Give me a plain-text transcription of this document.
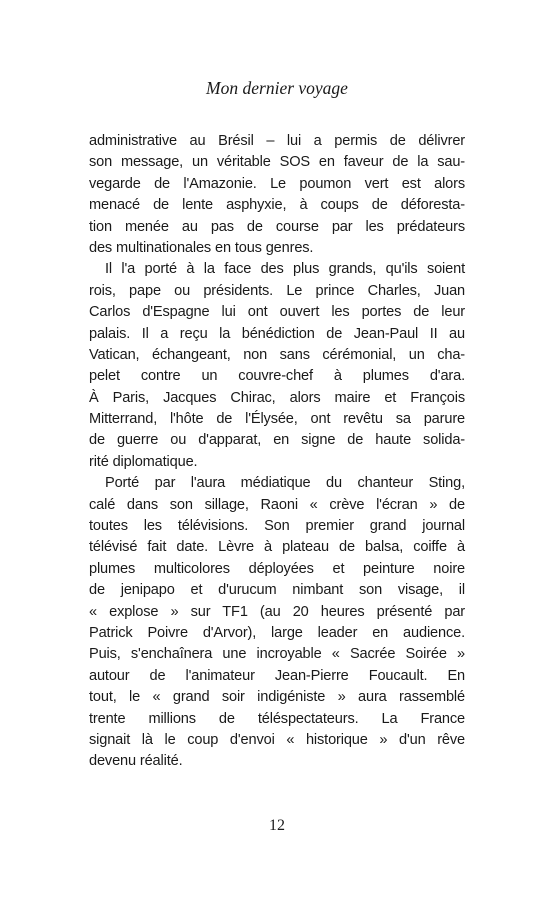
Mon dernier voyage

administrative au Brésil – lui a permis de délivrer
son message, un véritable SOS en faveur de la sau-
vegarde de l'Amazonie. Le poumon vert est alors
menacé de lente asphyxie, à coups de déforesta-
tion menée au pas de course par les prédateurs
des multinationales en tous genres.

Il l'a porté à la face des plus grands, qu'ils soient
rois, pape ou présidents. Le prince Charles, Juan
Carlos d'Espagne lui ont ouvert les portes de leur
palais. Il a reçu la bénédiction de Jean-Paul II au
Vatican, échangeant, non sans cérémonial, un cha-
pelet contre un couvre-chef à plumes d'ara.
À Paris, Jacques Chirac, alors maire et François
Mitterrand, l'hôte de l'Élysée, ont revêtu sa parure
de guerre ou d'apparat, en signe de haute solida-
rité diplomatique.

Porté par l'aura médiatique du chanteur Sting,
calé dans son sillage, Raoni « crève l'écran » de
toutes les télévisions. Son premier grand journal
télévisé fait date. Lèvre à plateau de balsa, coiffe à
plumes multicolores déployées et peinture noire
de jenipapo et d'urucum nimbant son visage, il
« explose » sur TF1 (au 20 heures présenté par
Patrick Poivre d'Arvor), large leader en audience.
Puis, s'enchaînera une incroyable « Sacrée Soirée »
autour de l'animateur Jean-Pierre Foucault. En
tout, le « grand soir indigéniste » aura rassemblé
trente millions de téléspectateurs. La France
signait là le coup d'envoi « historique » d'un rêve
devenu réalité.

12
